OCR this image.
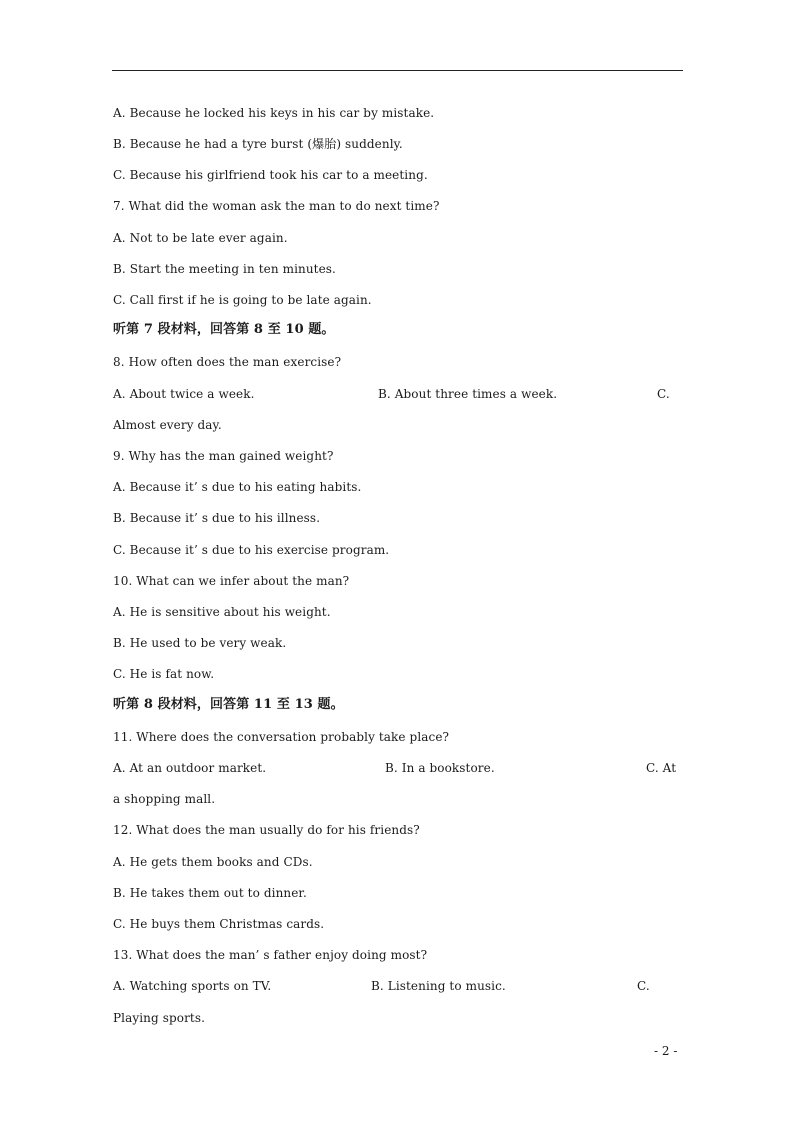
A. Because he locked his keys in his car by mistake.
B. Because he had a tyre burst (爆胎) suddenly.
C. Because his girlfriend took his car to a meeting.
7. What did the woman ask the man to do next time?
A. Not to be late ever again.
B. Start the meeting in ten minutes.
C. Call first if he is going to be late again.
听第 7 段材料，回答第 8 至 10 题。
8. How often does the man exercise?
A. About twice a week.	B. About three times a week.	C.
Almost every day.
9. Why has the man gained weight?
A. Because it’ s due to his eating habits.
B. Because it’ s due to his illness.
C. Because it’ s due to his exercise program.
10. What can we infer about the man?
A. He is sensitive about his weight.
B. He used to be very weak.
C. He is fat now.
听第 8 段材料，回答第 11 至 13 题。
11. Where does the conversation probably take place?
A. At an outdoor market.	B. In a bookstore.	C. At
a shopping mall.
12. What does the man usually do for his friends?
A. He gets them books and CDs.
B. He takes them out to dinner.
C. He buys them Christmas cards.
13. What does the man’ s father enjoy doing most?
A. Watching sports on TV.	B. Listening to music.	C.
Playing sports.
- 2 -
